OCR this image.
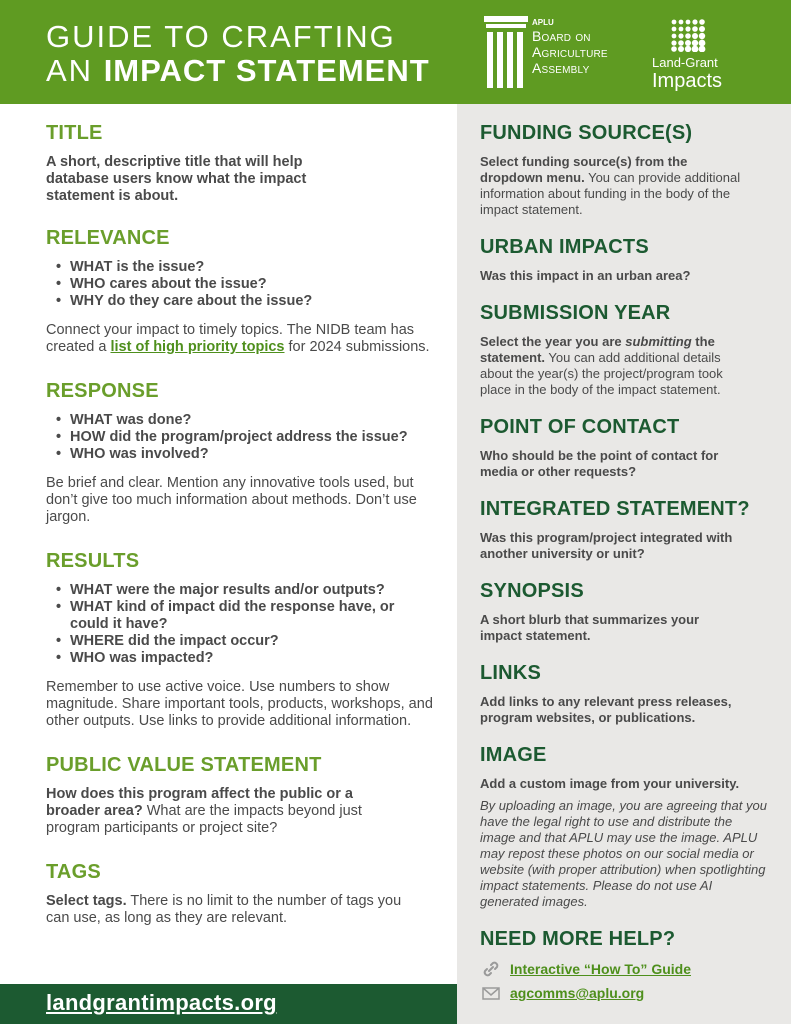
GUIDE TO CRAFTING
AN IMPACT STATEMENT
APLU
Board on
Agriculture
Assembly	Land-Grant
Impacts
TITLE
A short, descriptive title that will help database users know what the impact statement is about.
RELEVANCE
• WHAT is the issue?
• WHO cares about the issue?
• WHY do they care about the issue?
Connect your impact to timely topics. The NIDB team has created a list of high priority topics for 2024 submissions.
RESPONSE
• WHAT was done?
• HOW did the program/project address the issue?
• WHO was involved?
Be brief and clear. Mention any innovative tools used, but don’t give too much information about methods. Don’t use jargon.
RESULTS
• WHAT were the major results and/or outputs?
• WHAT kind of impact did the response have, or could it have?
• WHERE did the impact occur?
• WHO was impacted?
Remember to use active voice. Use numbers to show magnitude. Share important tools, products, workshops, and other outputs. Use links to provide additional information.
PUBLIC VALUE STATEMENT
How does this program affect the public or a broader area? What are the impacts beyond just program participants or project site?
TAGS
Select tags. There is no limit to the number of tags you can use, as long as they are relevant.
FUNDING SOURCE(S)
Select funding source(s) from the dropdown menu. You can provide additional information about funding in the body of the impact statement.
URBAN IMPACTS
Was this impact in an urban area?
SUBMISSION YEAR
Select the year you are submitting the statement. You can add additional details about the year(s) the project/program took place in the body of the impact statement.
POINT OF CONTACT
Who should be the point of contact for media or other requests?
INTEGRATED STATEMENT?
Was this program/project integrated with another university or unit?
SYNOPSIS
A short blurb that summarizes your impact statement.
LINKS
Add links to any relevant press releases, program websites, or publications.
IMAGE
Add a custom image from your university.
By uploading an image, you are agreeing that you have the legal right to use and distribute the image and that APLU may use the image. APLU may repost these photos on our social media or website (with proper attribution) when spotlighting impact statements. Please do not use AI generated images.
NEED MORE HELP?
Interactive “How To” Guide
agcomms@aplu.org
landgrantimpacts.org
